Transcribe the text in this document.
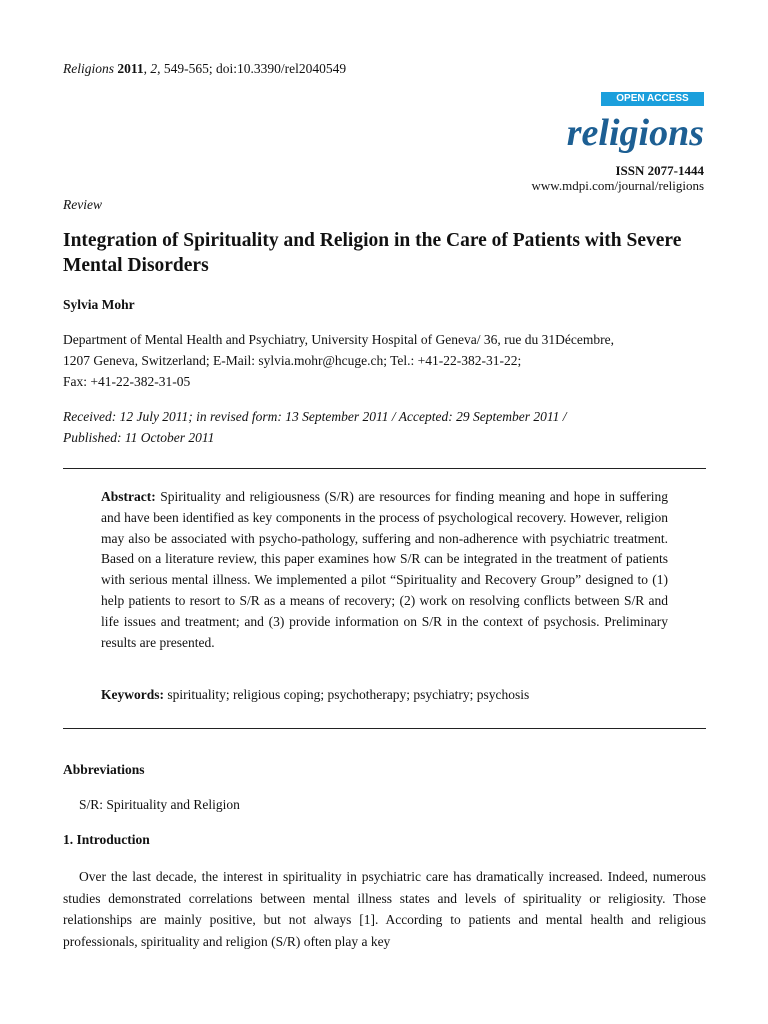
Religions 2011, 2, 549-565; doi:10.3390/rel2040549
OPEN ACCESS
religions
ISSN 2077-1444
www.mdpi.com/journal/religions
Review
Integration of Spirituality and Religion in the Care of Patients with Severe Mental Disorders
Sylvia Mohr
Department of Mental Health and Psychiatry, University Hospital of Geneva/ 36, rue du 31Décembre,
1207 Geneva, Switzerland; E-Mail: sylvia.mohr@hcuge.ch; Tel.: +41-22-382-31-22;
Fax: +41-22-382-31-05
Received: 12 July 2011; in revised form: 13 September 2011 / Accepted: 29 September 2011 /
Published: 11 October 2011
Abstract: Spirituality and religiousness (S/R) are resources for finding meaning and hope in suffering and have been identified as key components in the process of psychological recovery. However, religion may also be associated with psycho-pathology, suffering and non-adherence with psychiatric treatment. Based on a literature review, this paper examines how S/R can be integrated in the treatment of patients with serious mental illness. We implemented a pilot “Spirituality and Recovery Group” designed to (1) help patients to resort to S/R as a means of recovery; (2) work on resolving conflicts between S/R and life issues and treatment; and (3) provide information on S/R in the context of psychosis. Preliminary results are presented.
Keywords: spirituality; religious coping; psychotherapy; psychiatry; psychosis
Abbreviations
S/R: Spirituality and Religion
1. Introduction
Over the last decade, the interest in spirituality in psychiatric care has dramatically increased. Indeed, numerous studies demonstrated correlations between mental illness states and levels of spirituality or religiosity. Those relationships are mainly positive, but not always [1]. According to patients and mental health and religious professionals, spirituality and religion (S/R) often play a key
